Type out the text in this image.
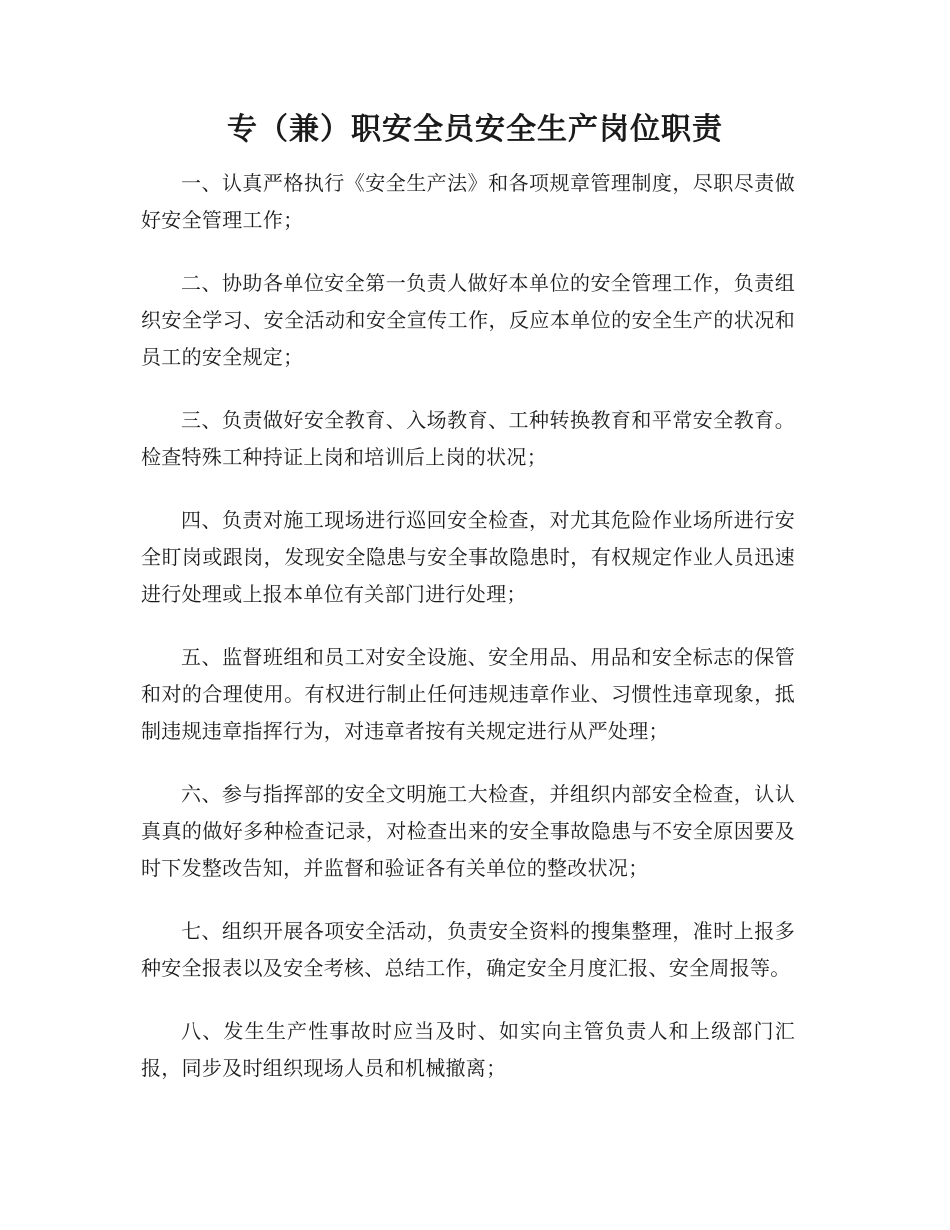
专（兼）职安全员安全生产岗位职责

一、认真严格执行《安全生产法》和各项规章管理制度，尽职尽责做好安全管理工作；

二、协助各单位安全第一负责人做好本单位的安全管理工作，负责组织安全学习、安全活动和安全宣传工作，反应本单位的安全生产的状况和员工的安全规定；

三、负责做好安全教育、入场教育、工种转换教育和平常安全教育。检查特殊工种持证上岗和培训后上岗的状况；

四、负责对施工现场进行巡回安全检查，对尤其危险作业场所进行安全盯岗或跟岗，发现安全隐患与安全事故隐患时，有权规定作业人员迅速进行处理或上报本单位有关部门进行处理；

五、监督班组和员工对安全设施、安全用品、用品和安全标志的保管和对的合理使用。有权进行制止任何违规违章作业、习惯性违章现象，抵制违规违章指挥行为，对违章者按有关规定进行从严处理；

六、参与指挥部的安全文明施工大检查，并组织内部安全检查，认认真真的做好多种检查记录，对检查出来的安全事故隐患与不安全原因要及时下发整改告知，并监督和验证各有关单位的整改状况；

七、组织开展各项安全活动，负责安全资料的搜集整理，准时上报多种安全报表以及安全考核、总结工作，确定安全月度汇报、安全周报等。

八、发生生产性事故时应当及时、如实向主管负责人和上级部门汇报，同步及时组织现场人员和机械撤离；
